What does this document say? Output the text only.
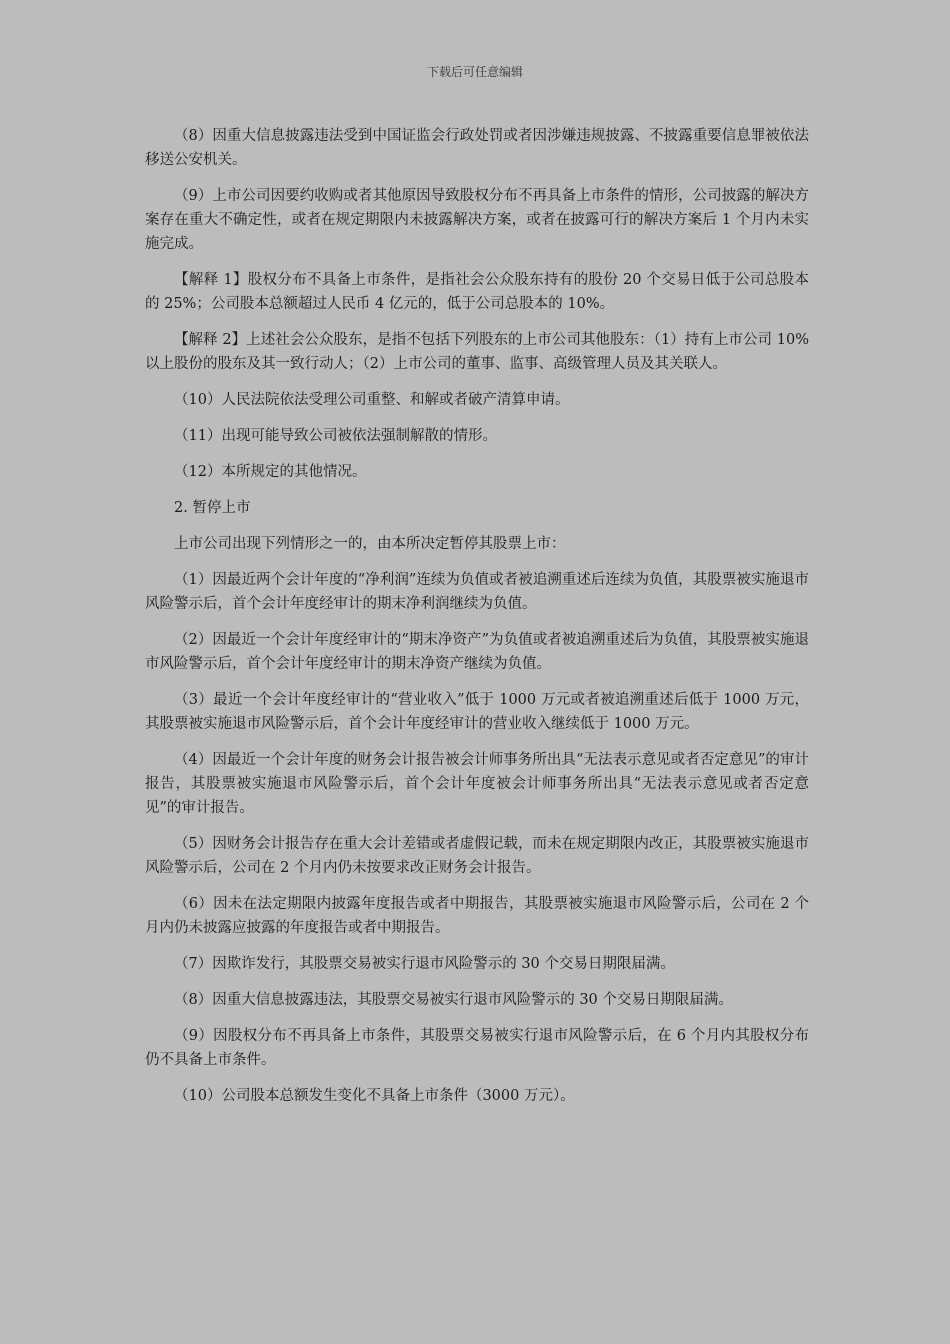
下载后可任意编辑

（8）因重大信息披露违法受到中国证监会行政处罚或者因涉嫌违规披露、不披露重要信息罪被依法移送公安机关。

（9）上市公司因要约收购或者其他原因导致股权分布不再具备上市条件的情形，公司披露的解决方案存在重大不确定性，或者在规定期限内未披露解决方案，或者在披露可行的解决方案后 1 个月内未实施完成。

【解释 1】股权分布不具备上市条件，是指社会公众股东持有的股份 20 个交易日低于公司总股本的 25%；公司股本总额超过人民币 4 亿元的，低于公司总股本的 10%。

【解释 2】上述社会公众股东，是指不包括下列股东的上市公司其他股东：（1）持有上市公司 10%以上股份的股东及其一致行动人；（2）上市公司的董事、监事、高级管理人员及其关联人。

（10）人民法院依法受理公司重整、和解或者破产清算申请。

（11）出现可能导致公司被依法强制解散的情形。

（12）本所规定的其他情况。

2. 暂停上市

上市公司出现下列情形之一的，由本所决定暂停其股票上市：

（1）因最近两个会计年度的“净利润”连续为负值或者被追溯重述后连续为负值，其股票被实施退市风险警示后，首个会计年度经审计的期末净利润继续为负值。

（2）因最近一个会计年度经审计的“期末净资产”为负值或者被追溯重述后为负值，其股票被实施退市风险警示后，首个会计年度经审计的期末净资产继续为负值。

（3）最近一个会计年度经审计的“营业收入”低于 1000 万元或者被追溯重述后低于 1000 万元，其股票被实施退市风险警示后，首个会计年度经审计的营业收入继续低于 1000 万元。

（4）因最近一个会计年度的财务会计报告被会计师事务所出具“无法表示意见或者否定意见”的审计报告，其股票被实施退市风险警示后，首个会计年度被会计师事务所出具“无法表示意见或者否定意见”的审计报告。

（5）因财务会计报告存在重大会计差错或者虚假记载，而未在规定期限内改正，其股票被实施退市风险警示后，公司在 2 个月内仍未按要求改正财务会计报告。

（6）因未在法定期限内披露年度报告或者中期报告，其股票被实施退市风险警示后，公司在 2 个月内仍未披露应披露的年度报告或者中期报告。

（7）因欺诈发行，其股票交易被实行退市风险警示的 30 个交易日期限届满。

（8）因重大信息披露违法，其股票交易被实行退市风险警示的 30 个交易日期限届满。

（9）因股权分布不再具备上市条件，其股票交易被实行退市风险警示后，在 6 个月内其股权分布仍不具备上市条件。

（10）公司股本总额发生变化不具备上市条件（3000 万元）。
